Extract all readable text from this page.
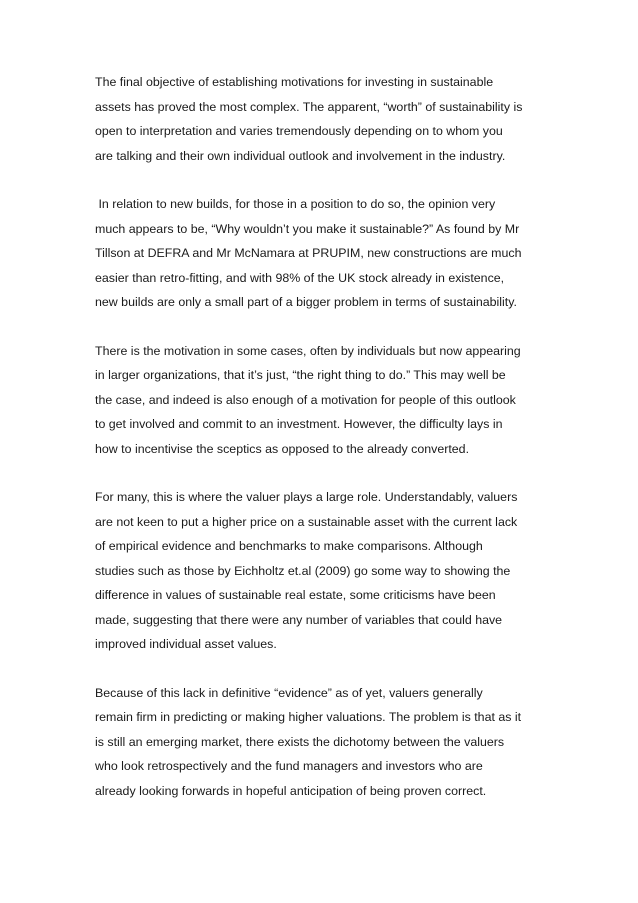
The final objective of establishing motivations for investing in sustainable
assets has proved the most complex. The apparent, “worth” of sustainability is
open to interpretation and varies tremendously depending on to whom you
are talking and their own individual outlook and involvement in the industry.

In relation to new builds, for those in a position to do so, the opinion very
much appears to be, “Why wouldn’t you make it sustainable?” As found by Mr
Tillson at DEFRA and Mr McNamara at PRUPIM, new constructions are much
easier than retro-fitting, and with 98% of the UK stock already in existence,
new builds are only a small part of a bigger problem in terms of sustainability.

There is the motivation in some cases, often by individuals but now appearing
in larger organizations, that it’s just, “the right thing to do.” This may well be
the case, and indeed is also enough of a motivation for people of this outlook
to get involved and commit to an investment. However, the difficulty lays in
how to incentivise the sceptics as opposed to the already converted.

For many, this is where the valuer plays a large role. Understandably, valuers
are not keen to put a higher price on a sustainable asset with the current lack
of empirical evidence and benchmarks to make comparisons. Although
studies such as those by Eichholtz et.al (2009) go some way to showing the
difference in values of sustainable real estate, some criticisms have been
made, suggesting that there were any number of variables that could have
improved individual asset values.

Because of this lack in definitive “evidence” as of yet, valuers generally
remain firm in predicting or making higher valuations. The problem is that as it
is still an emerging market, there exists the dichotomy between the valuers
who look retrospectively and the fund managers and investors who are
already looking forwards in hopeful anticipation of being proven correct.
